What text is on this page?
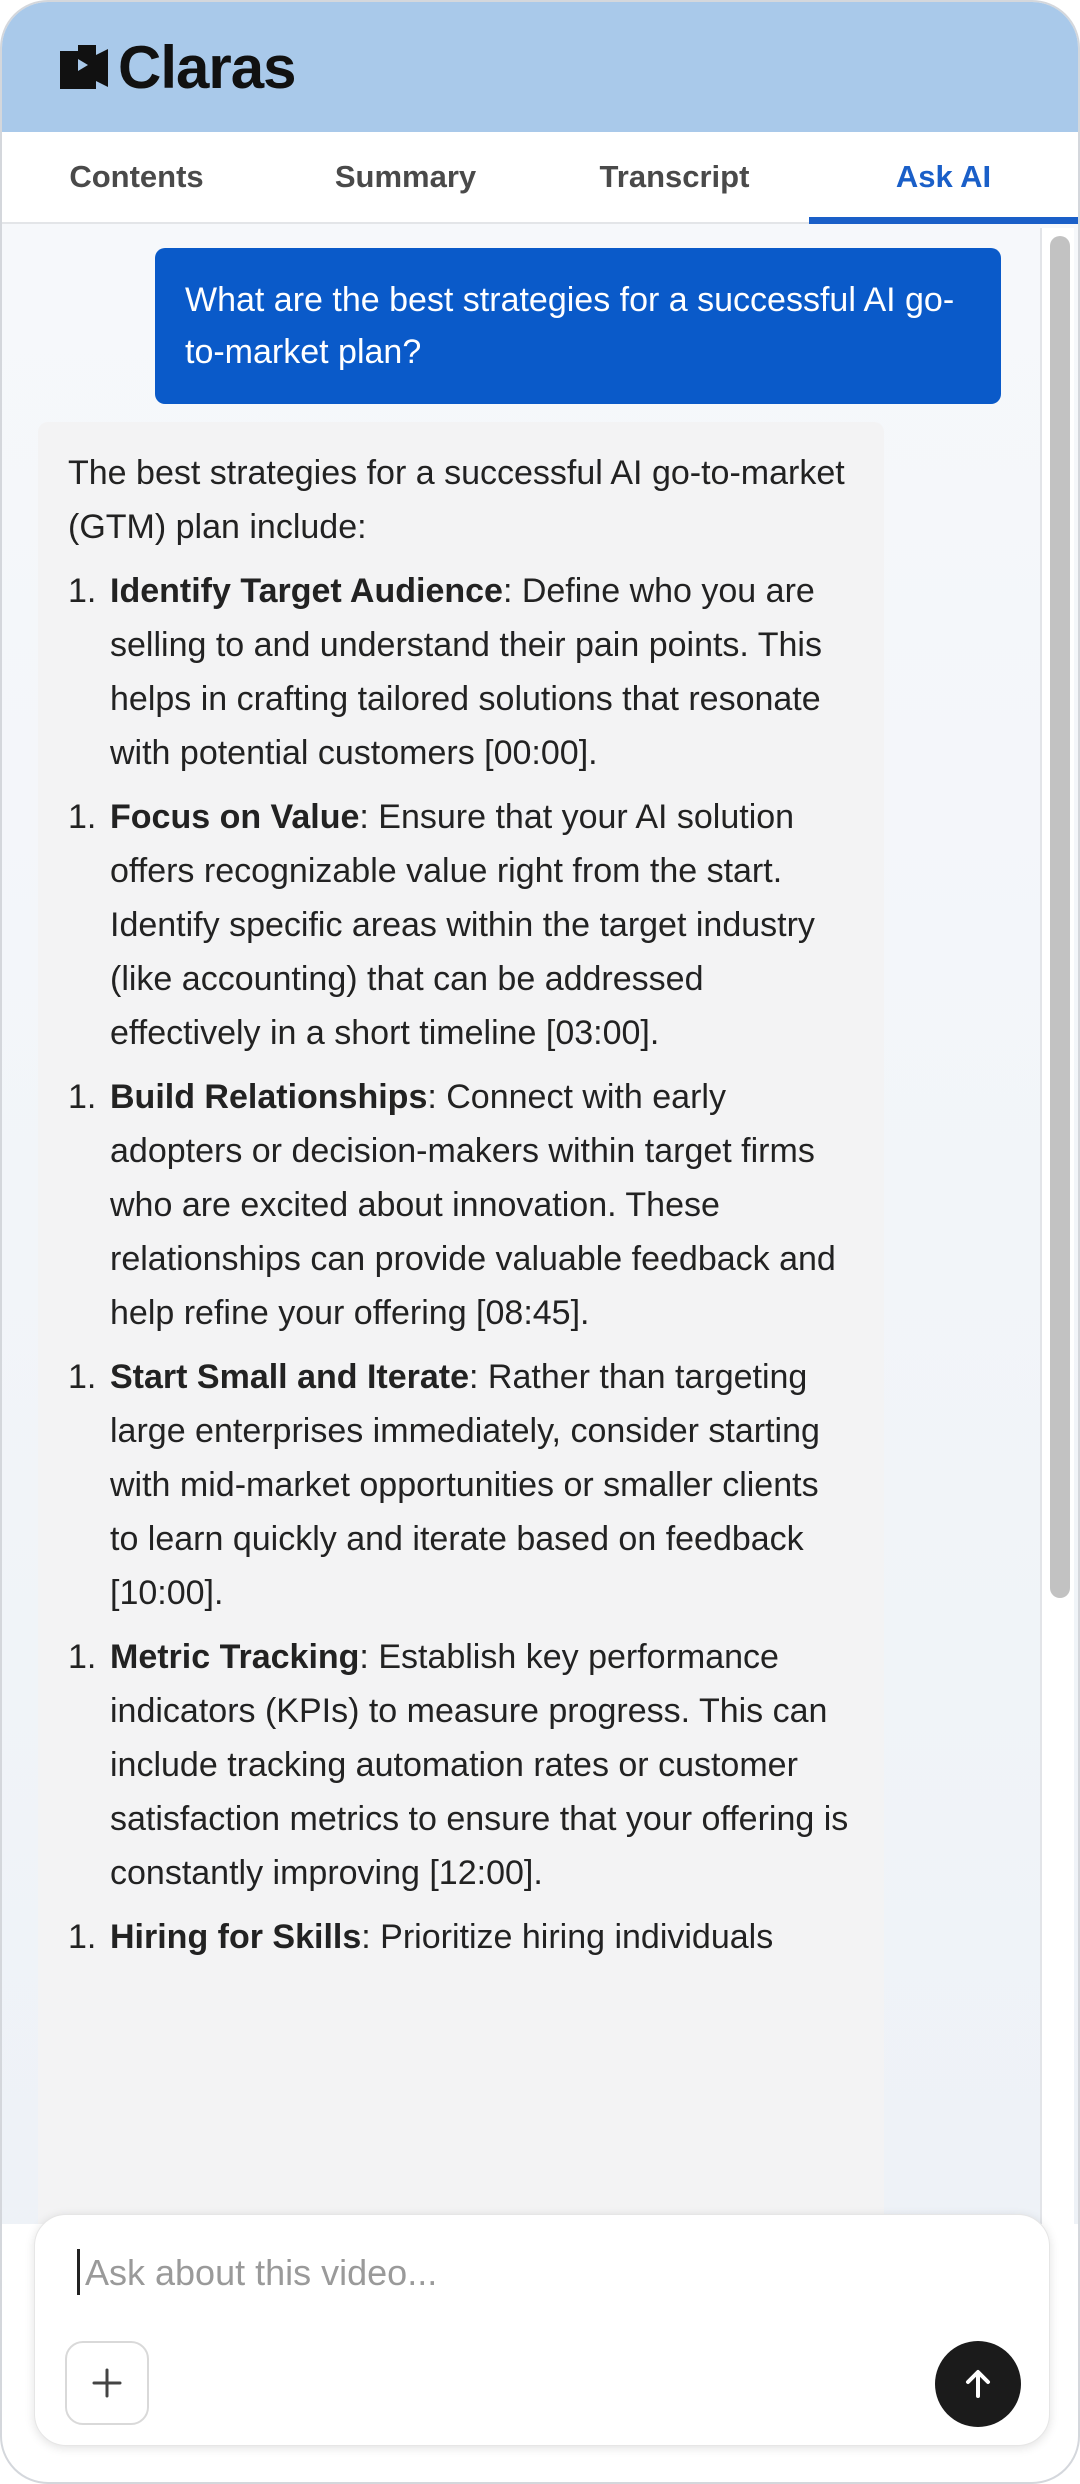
Claras
Contents	Summary	Transcript	Ask AI
What are the best strategies for a successful AI go-to-market plan?

The best strategies for a successful AI go-to-market (GTM) plan include:

1. Identify Target Audience: Define who you are selling to and understand their pain points. This helps in crafting tailored solutions that resonate with potential customers [00:00].
1. Focus on Value: Ensure that your AI solution offers recognizable value right from the start. Identify specific areas within the target industry (like accounting) that can be addressed effectively in a short timeline [03:00].
1. Build Relationships: Connect with early adopters or decision-makers within target firms who are excited about innovation. These relationships can provide valuable feedback and help refine your offering [08:45].
1. Start Small and Iterate: Rather than targeting large enterprises immediately, consider starting with mid-market opportunities or smaller clients to learn quickly and iterate based on feedback [10:00].
1. Metric Tracking: Establish key performance indicators (KPIs) to measure progress. This can include tracking automation rates or customer satisfaction metrics to ensure that your offering is constantly improving [12:00].
1. Hiring for Skills: Prioritize hiring individuals
Ask about this video...
